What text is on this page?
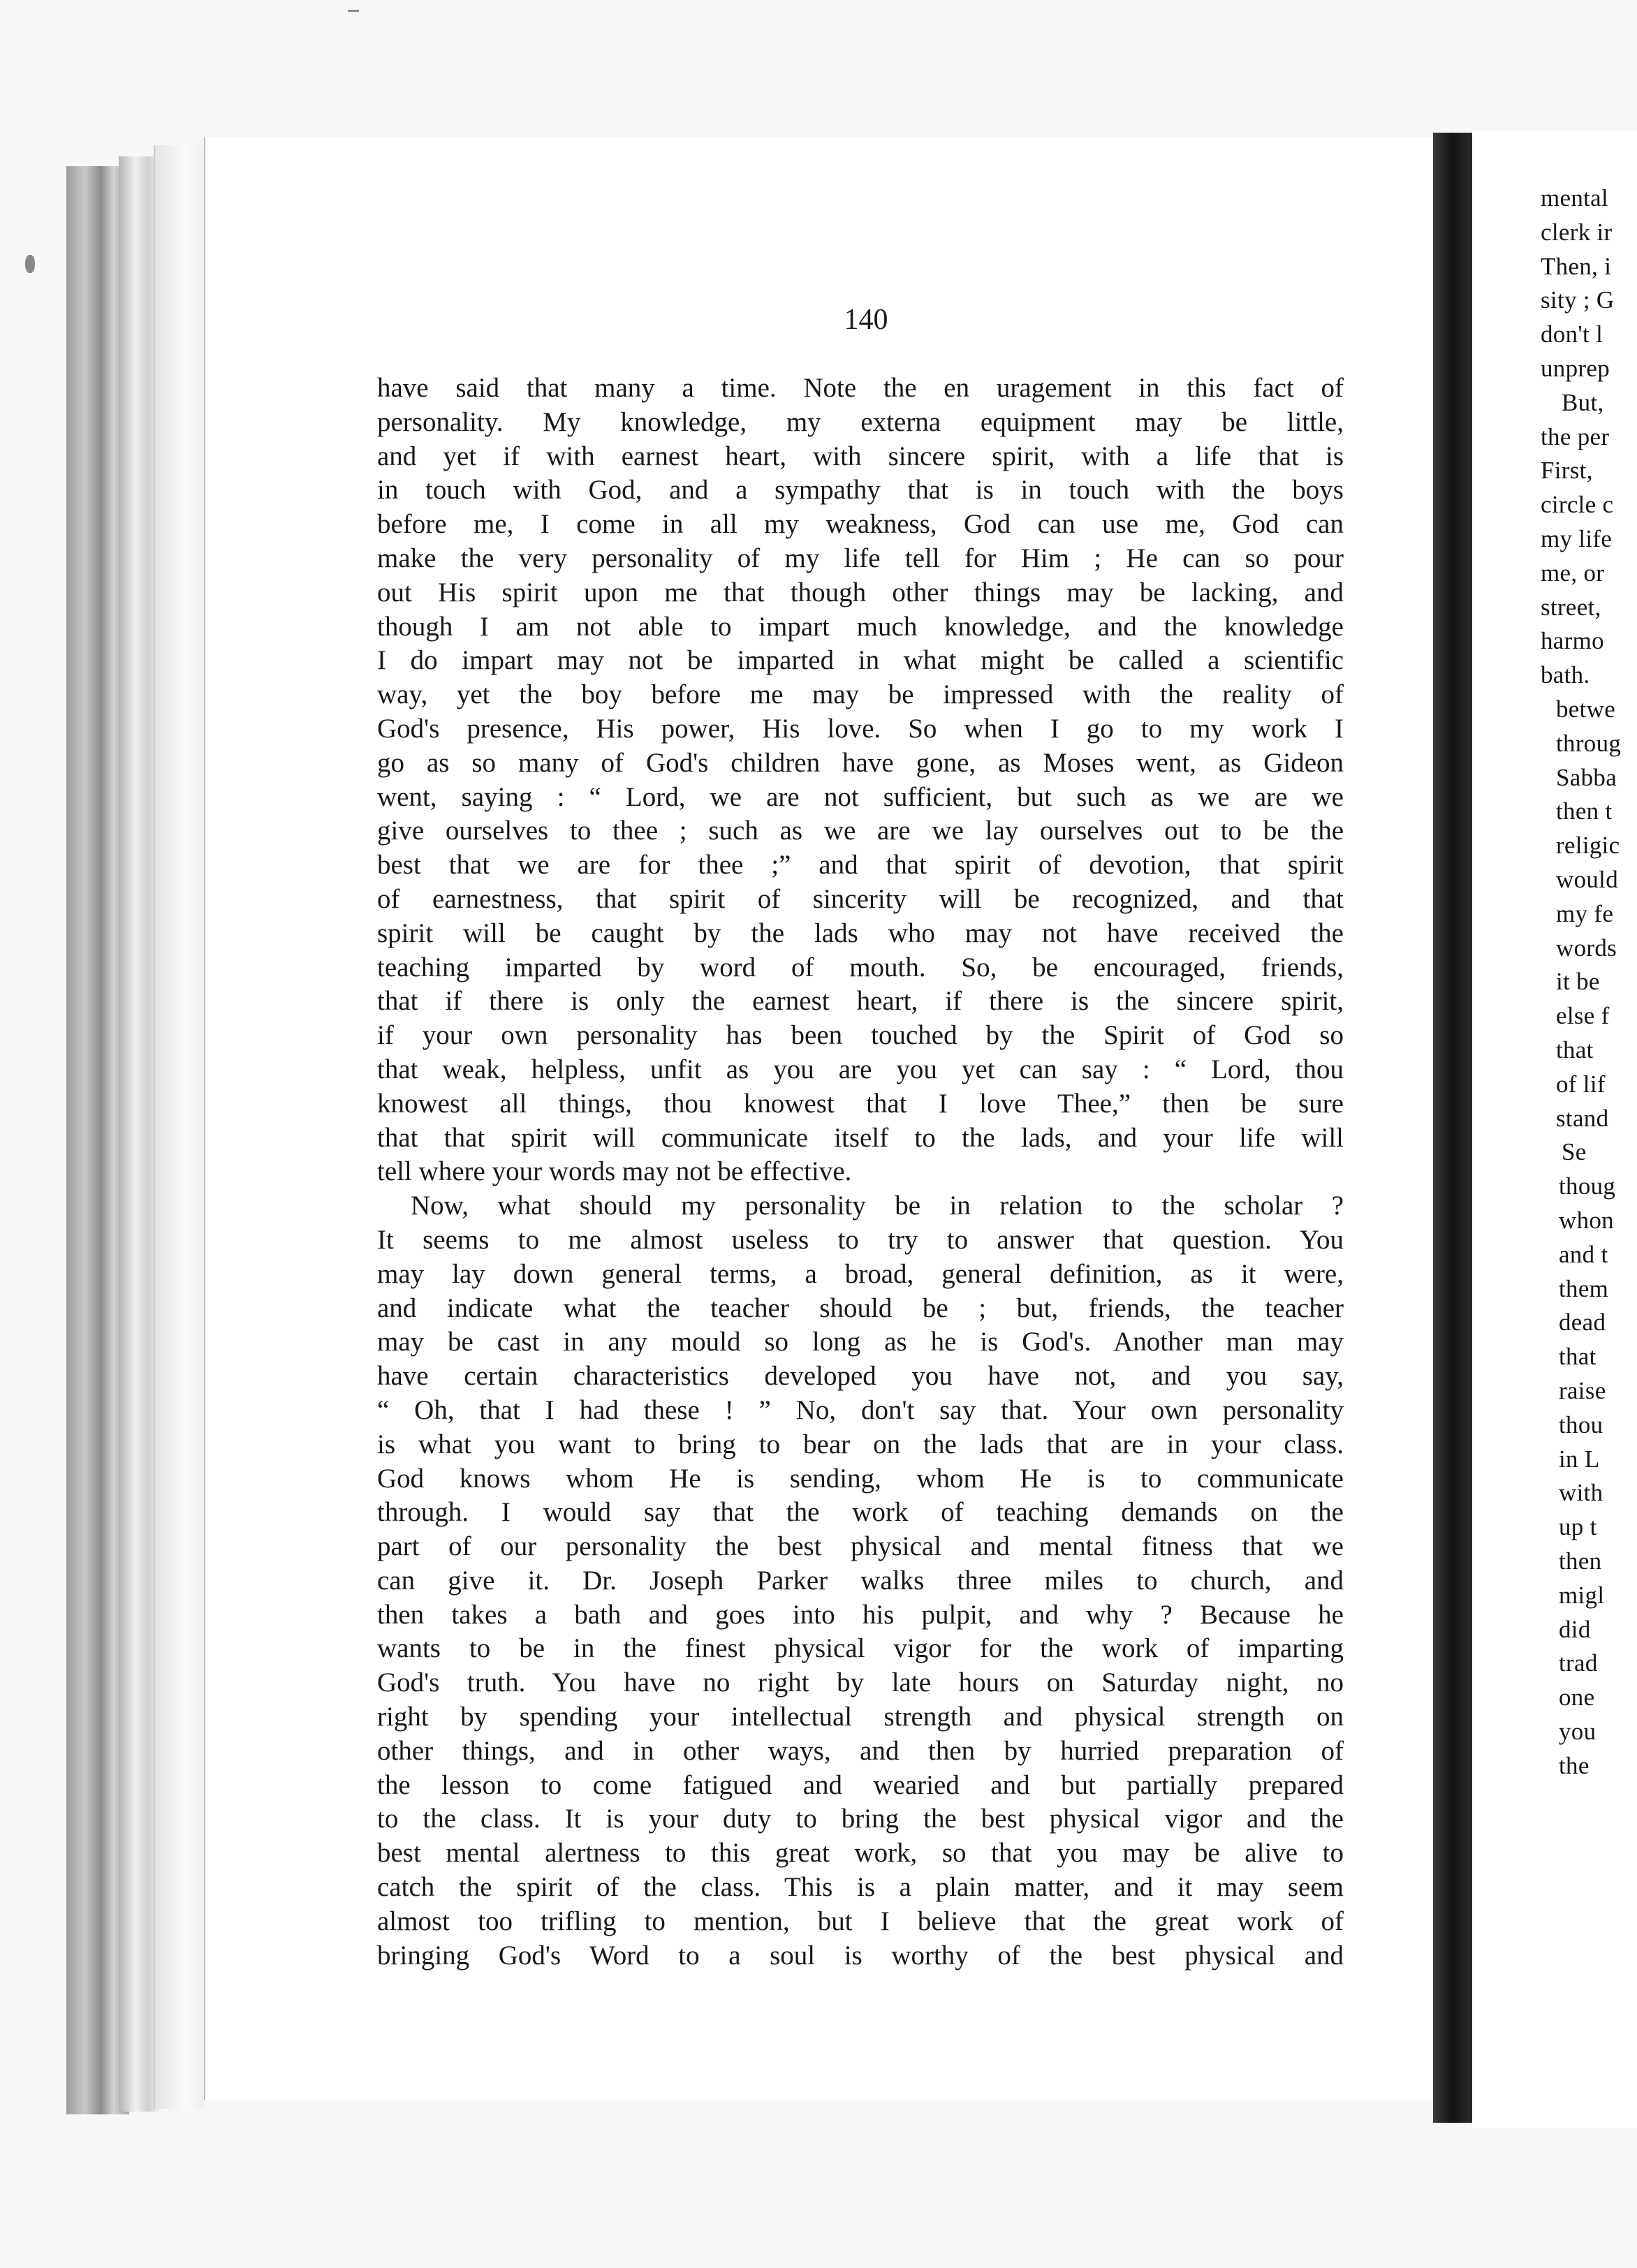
140
have said that many a time. Note the en uragement in this fact of
personality. My knowledge, my externa equipment may be little,
and yet if with earnest heart, with sincere spirit, with a life that is
in touch with God, and a sympathy that is in touch with the boys
before me, I come in all my weakness, God can use me, God can
make the very personality of my life tell for Him ; He can so pour
out His spirit upon me that though other things may be lacking, and
though I am not able to impart much knowledge, and the knowledge
I do impart may not be imparted in what might be called a scientific
way, yet the boy before me may be impressed with the reality of
God's presence, His power, His love. So when I go to my work I
go as so many of God's children have gone, as Moses went, as Gideon
went, saying : “ Lord, we are not sufficient, but such as we are we
give ourselves to thee ; such as we are we lay ourselves out to be the
best that we are for thee ;” and that spirit of devotion, that spirit
of earnestness, that spirit of sincerity will be recognized, and that
spirit will be caught by the lads who may not have received the
teaching imparted by word of mouth. So, be encouraged, friends,
that if there is only the earnest heart, if there is the sincere spirit,
if your own personality has been touched by the Spirit of God so
that weak, helpless, unfit as you are you yet can say : “ Lord, thou
knowest all things, thou knowest that I love Thee,” then be sure
that that spirit will communicate itself to the lads, and your life will
tell where your words may not be effective.
Now, what should my personality be in relation to the scholar ?
It seems to me almost useless to try to answer that question. You
may lay down general terms, a broad, general definition, as it were,
and indicate what the teacher should be ; but, friends, the teacher
may be cast in any mould so long as he is God's. Another man may
have certain characteristics developed you have not, and you say,
“ Oh, that I had these ! ” No, don't say that. Your own personality
is what you want to bring to bear on the lads that are in your class.
God knows whom He is sending, whom He is to communicate
through. I would say that the work of teaching demands on the
part of our personality the best physical and mental fitness that we
can give it. Dr. Joseph Parker walks three miles to church, and
then takes a bath and goes into his pulpit, and why ? Because he
wants to be in the finest physical vigor for the work of imparting
God's truth. You have no right by late hours on Saturday night, no
right by spending your intellectual strength and physical strength on
other things, and in other ways, and then by hurried preparation of
the lesson to come fatigued and wearied and but partially prepared
to the class. It is your duty to bring the best physical vigor and the
best mental alertness to this great work, so that you may be alive to
catch the spirit of the class. This is a plain matter, and it may seem
almost too trifling to mention, but I believe that the great work of
bringing God's Word to a soul is worthy of the best physical and
mental
clerk ir
Then, i
sity ; G
don't l
unprep
But,
the per
First,
circle c
my life
me, or
street,
harmo
bath.
betwe
throug
Sabba
then t
religic
would
my fe
words
it be
else f
that
of lif
stand
Se
thoug
whon
and t
them
dead
that
raise
thou
in L
with
up t
then
migl
did
trad
one
you
the
